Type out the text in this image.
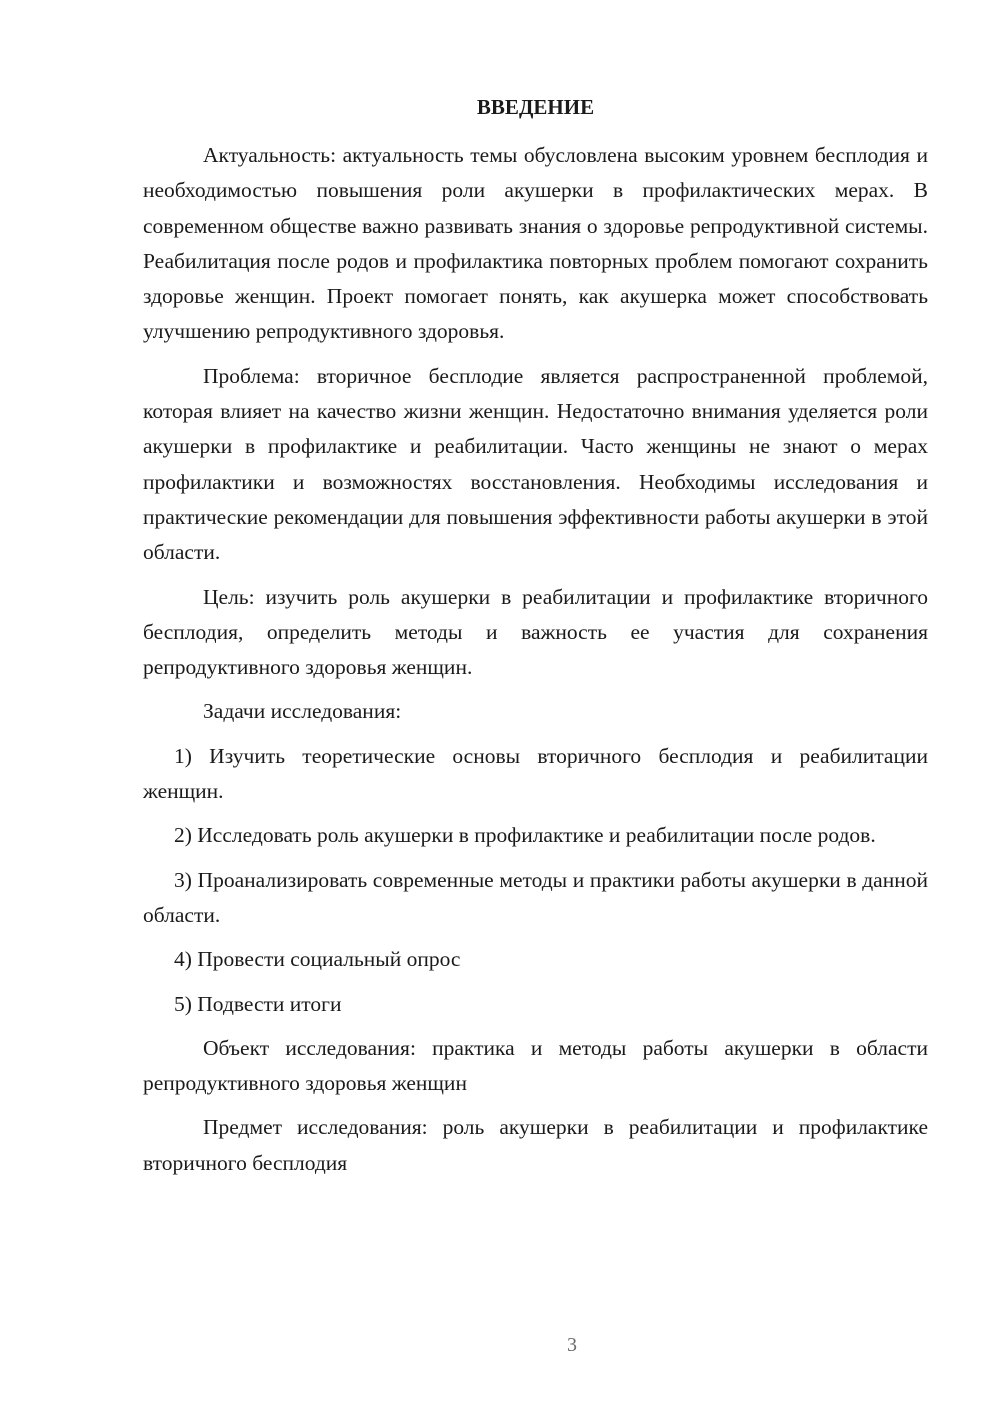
ВВЕДЕНИЕ

Актуальность: актуальность темы обусловлена высоким уровнем бесплодия и необходимостью повышения роли акушерки в профилактических мерах. В современном обществе важно развивать знания о здоровье репродуктивной системы. Реабилитация после родов и профилактика повторных проблем помогают сохранить здоровье женщин. Проект помогает понять, как акушерка может способствовать улучшению репродуктивного здоровья.

Проблема: вторичное бесплодие является распространенной проблемой, которая влияет на качество жизни женщин. Недостаточно внимания уделяется роли акушерки в профилактике и реабилитации. Часто женщины не знают о мерах профилактики и возможностях восстановления. Необходимы исследования и практические рекомендации для повышения эффективности работы акушерки в этой области.

Цель: изучить роль акушерки в реабилитации и профилактике вторичного бесплодия, определить методы и важность ее участия для сохранения репродуктивного здоровья женщин.

Задачи исследования:

1) Изучить теоретические основы вторичного бесплодия и реабилитации женщин.

2) Исследовать роль акушерки в профилактике и реабилитации после родов.

3) Проанализировать современные методы и практики работы акушерки в данной области.

4) Провести социальный опрос

5) Подвести итоги

Объект исследования: практика и методы работы акушерки в области репродуктивного здоровья женщин

Предмет исследования: роль акушерки в реабилитации и профилактике вторичного бесплодия

3
